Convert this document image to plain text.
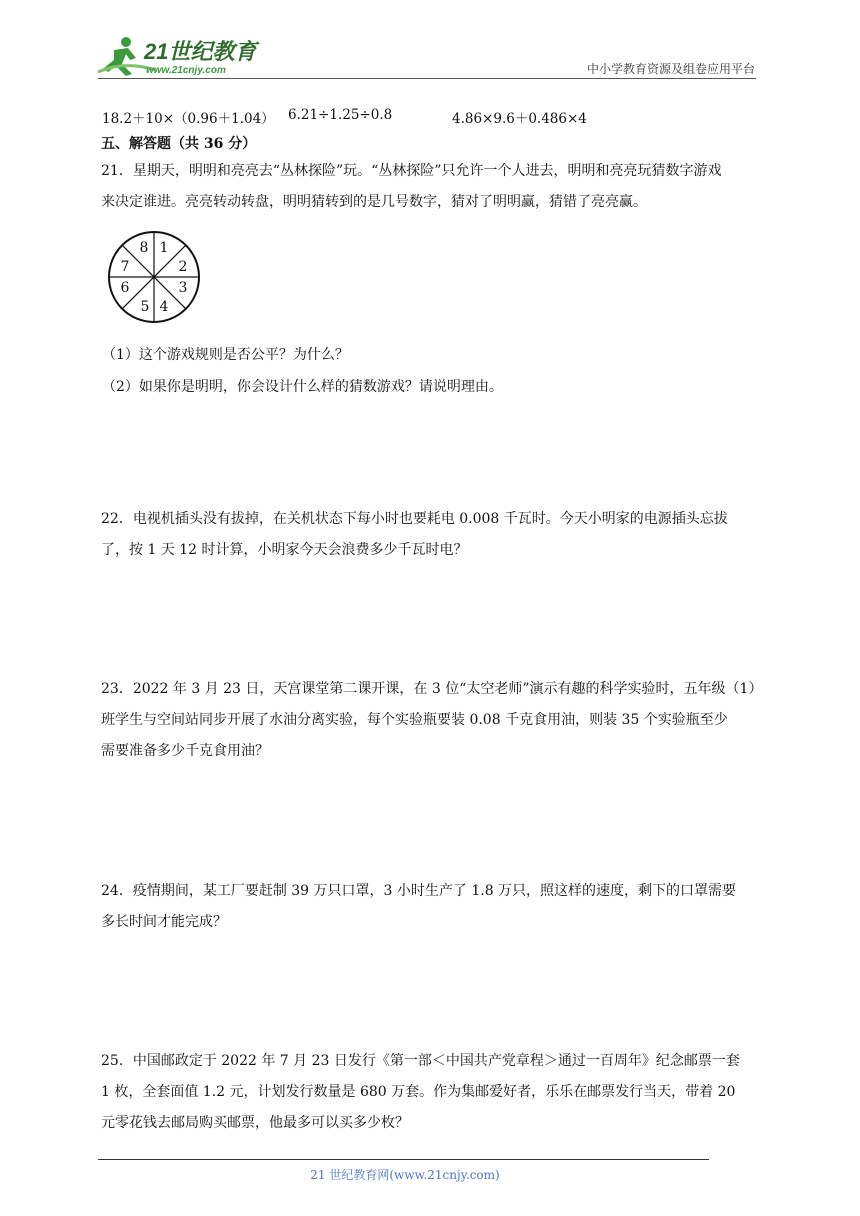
21世纪教育
www.21cnjy.com	中小学教育资源及组卷应用平台
18.2＋10×（0.96＋1.04） 6.21÷1.25÷0.8	4.86×9.6＋0.486×4
五、解答题（共 36 分）

21．星期天，明明和亮亮去“丛林探险”玩。“丛林探险”只允许一个人进去，明明和亮亮玩猜数字游戏

来决定谁进。亮亮转动转盘，明明猜转到的是几号数字，猜对了明明赢，猜错了亮亮赢。

1
2
3
4
5
6
7
8
（1）这个游戏规则是否公平？为什么？
（2）如果你是明明，你会设计什么样的猜数游戏？请说明理由。

22．电视机插头没有拔掉，在关机状态下每小时也要耗电 0.008 千瓦时。今天小明家的电源插头忘拔

了，按 1 天 12 时计算，小明家今天会浪费多少千瓦时电？

23．2022 年 3 月 23 日，天宫课堂第二课开课，在 3 位“太空老师”演示有趣的科学实验时，五年级（1）

班学生与空间站同步开展了水油分离实验，每个实验瓶要装 0.08 千克食用油，则装 35 个实验瓶至少

需要准备多少千克食用油？

24．疫情期间，某工厂要赶制 39 万只口罩，3 小时生产了 1.8 万只，照这样的速度，剩下的口罩需要

多长时间才能完成？

25．中国邮政定于 2022 年 7 月 23 日发行《第一部＜中国共产党章程＞通过一百周年》纪念邮票一套

1 枚，全套面值 1.2 元，计划发行数量是 680 万套。作为集邮爱好者，乐乐在邮票发行当天，带着 20

元零花钱去邮局购买邮票，他最多可以买多少枚？

21 世纪教育网(www.21cnjy.com)
